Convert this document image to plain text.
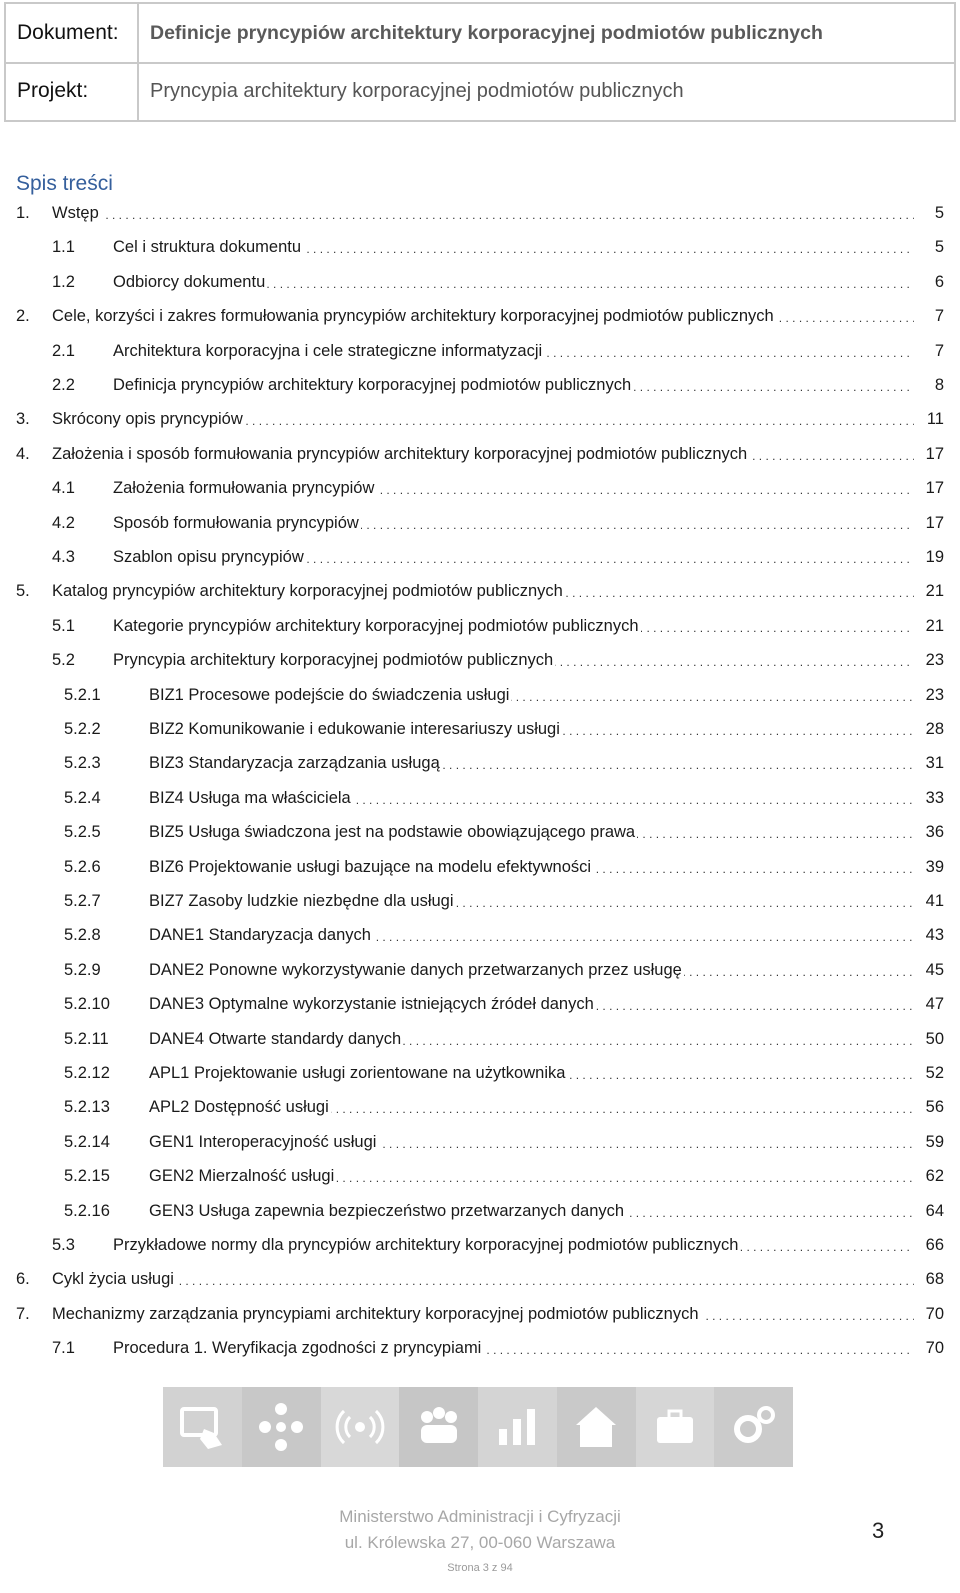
Dokument:	Definicje pryncypiów architektury korporacyjnej podmiotów publicznych
Projekt:	Pryncypia architektury korporacyjnej podmiotów publicznych
Spis treści
1. Wstęp . . .	5
1.1 Cel i struktura dokumentu . . .	5
1.2 Odbiorcy dokumentu . . .	6
2. Cele, korzyści i zakres formułowania pryncypiów architektury korporacyjnej podmiotów publicznych . . .	7
2.1 Architektura korporacyjna i cele strategiczne informatyzacji . . .	7
2.2 Definicja pryncypiów architektury korporacyjnej podmiotów publicznych . . .	8
3. Skrócony opis pryncypiów . . .	11
4. Założenia i sposób formułowania pryncypiów architektury korporacyjnej podmiotów publicznych . . .	17
4.1 Założenia formułowania pryncypiów . . .	17
4.2 Sposób formułowania pryncypiów . . .	17
4.3 Szablon opisu pryncypiów . . .	19
5. Katalog pryncypiów architektury korporacyjnej podmiotów publicznych . . .	21
5.1 Kategorie pryncypiów architektury korporacyjnej podmiotów publicznych . . .	21
5.2 Pryncypia architektury korporacyjnej podmiotów publicznych . . .	23
5.2.1	BIZ1 Procesowe podejście do świadczenia usługi . . .	23
5.2.2	BIZ2 Komunikowanie i edukowanie interesariuszy usługi . . .	28
5.2.3	BIZ3 Standaryzacja zarządzania usługą . . .	31
5.2.4	BIZ4 Usługa ma właściciela . . .	33
5.2.5	BIZ5 Usługa świadczona jest na podstawie obowiązującego prawa . . .	36
5.2.6	BIZ6 Projektowanie usługi bazujące na modelu efektywności . . .	39
5.2.7	BIZ7 Zasoby ludzkie niezbędne dla usługi . . .	41
5.2.8	DANE1 Standaryzacja danych . . .	43
5.2.9	DANE2 Ponowne wykorzystywanie danych przetwarzanych przez usługę . . .	45
5.2.10 DANE3 Optymalne wykorzystanie istniejących źródeł danych . . .	47
5.2.11 DANE4 Otwarte standardy danych . . .	50
5.2.12 APL1 Projektowanie usługi zorientowane na użytkownika . . .	52
5.2.13 APL2 Dostępność usługi . . .	56
5.2.14 GEN1 Interoperacyjność usługi . . .	59
5.2.15 GEN2 Mierzalność usługi . . .	62
5.2.16 GEN3 Usługa zapewnia bezpieczeństwo przetwarzanych danych . . .	64
5.3 Przykładowe normy dla pryncypiów architektury korporacyjnej podmiotów publicznych . . .	66
6. Cykl życia usługi . . .	68
7. Mechanizmy zarządzania pryncypiami architektury korporacyjnej podmiotów publicznych . . .	70
7.1 Procedura 1. Weryfikacja zgodności z pryncypiami . . .	70
Ministerstwo Administracji i Cyfryzacji
ul. Królewska 27, 00-060 Warszawa
Strona 3 z 94
3
